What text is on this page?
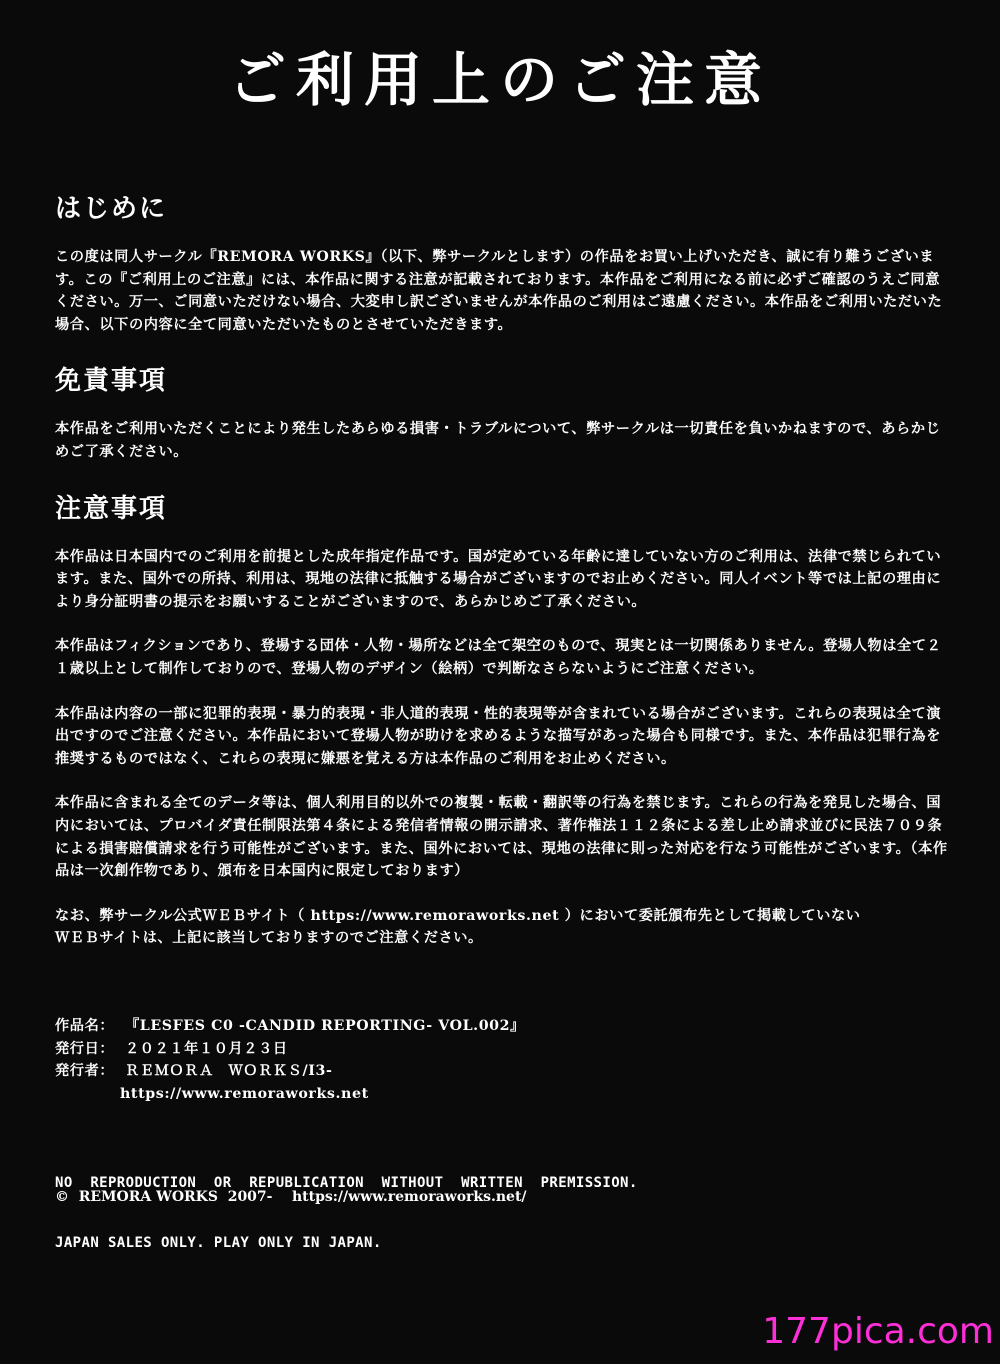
ご利用上のご注意
はじめに

この度は同人サークル『REMORA WORKS』（以下、弊サークルとします）の作品をお買い上げいただき、誠に有り難うございます。この『ご利用上のご注意』には、本作品に関する注意が記載されております。本作品をご利用になる前に必ずご確認のうえご同意ください。万一、ご同意いただけない場合、大変申し訳ございませんが本作品のご利用はご遠慮ください。本作品をご利用いただいた場合、以下の内容に全て同意いただいたものとさせていただきます。

免責事項

本作品をご利用いただくことにより発生したあらゆる損害・トラブルについて、弊サークルは一切責任を負いかねますので、あらかじめご了承ください。

注意事項

本作品は日本国内でのご利用を前提とした成年指定作品です。国が定めている年齢に達していない方のご利用は、法律で禁じられています。また、国外での所持、利用は、現地の法律に抵触する場合がございますのでお止めください。同人イベント等では上記の理由により身分証明書の提示をお願いすることがございますので、あらかじめご了承ください。

本作品はフィクションであり、登場する団体・人物・場所などは全て架空のもので、現実とは一切関係ありません。登場人物は全て２１歳以上として制作しておりので、登場人物のデザイン（絵柄）で判断なさらないようにご注意ください。

本作品は内容の一部に犯罪的表現・暴力的表現・非人道的表現・性的表現等が含まれている場合がございます。これらの表現は全て演出ですのでご注意ください。本作品において登場人物が助けを求めるような描写があった場合も同様です。また、本作品は犯罪行為を推奨するものではなく、これらの表現に嫌悪を覚える方は本作品のご利用をお止めください。

本作品に含まれる全てのデータ等は、個人利用目的以外での複製・転載・翻訳等の行為を禁じます。これらの行為を発見した場合、国内においては、プロバイダ責任制限法第４条による発信者情報の開示請求、著作権法１１２条による差し止め請求並びに民法７０９条による損害賠償請求を行う可能性がございます。また、国外においては、現地の法律に則った対応を行なう可能性がございます。（本作品は一次創作物であり、頒布を日本国内に限定しております）

なお、弊サークル公式ＷＥＢサイト（ https://www.remoraworks.net ）において委託頒布先として掲載していない
ＷＥＢサイトは、上記に該当しておりますのでご注意ください。

作品名： 『LESFES C0 -CANDID REPORTING- VOL.002』
発行日： ２０２１年１０月２３日
発行者： ＲＥＭＯＲＡ　ＷＯＲＫＳ/I3-
https://www.remoraworks.net

NO  REPRODUCTION  OR  REPUBLICATION  WITHOUT  WRITTEN  PREMISSION.

JAPAN SALES ONLY. PLAY ONLY IN JAPAN.

©  REMORA WORKS  2007-    https://www.remoraworks.net/
177pica.com
